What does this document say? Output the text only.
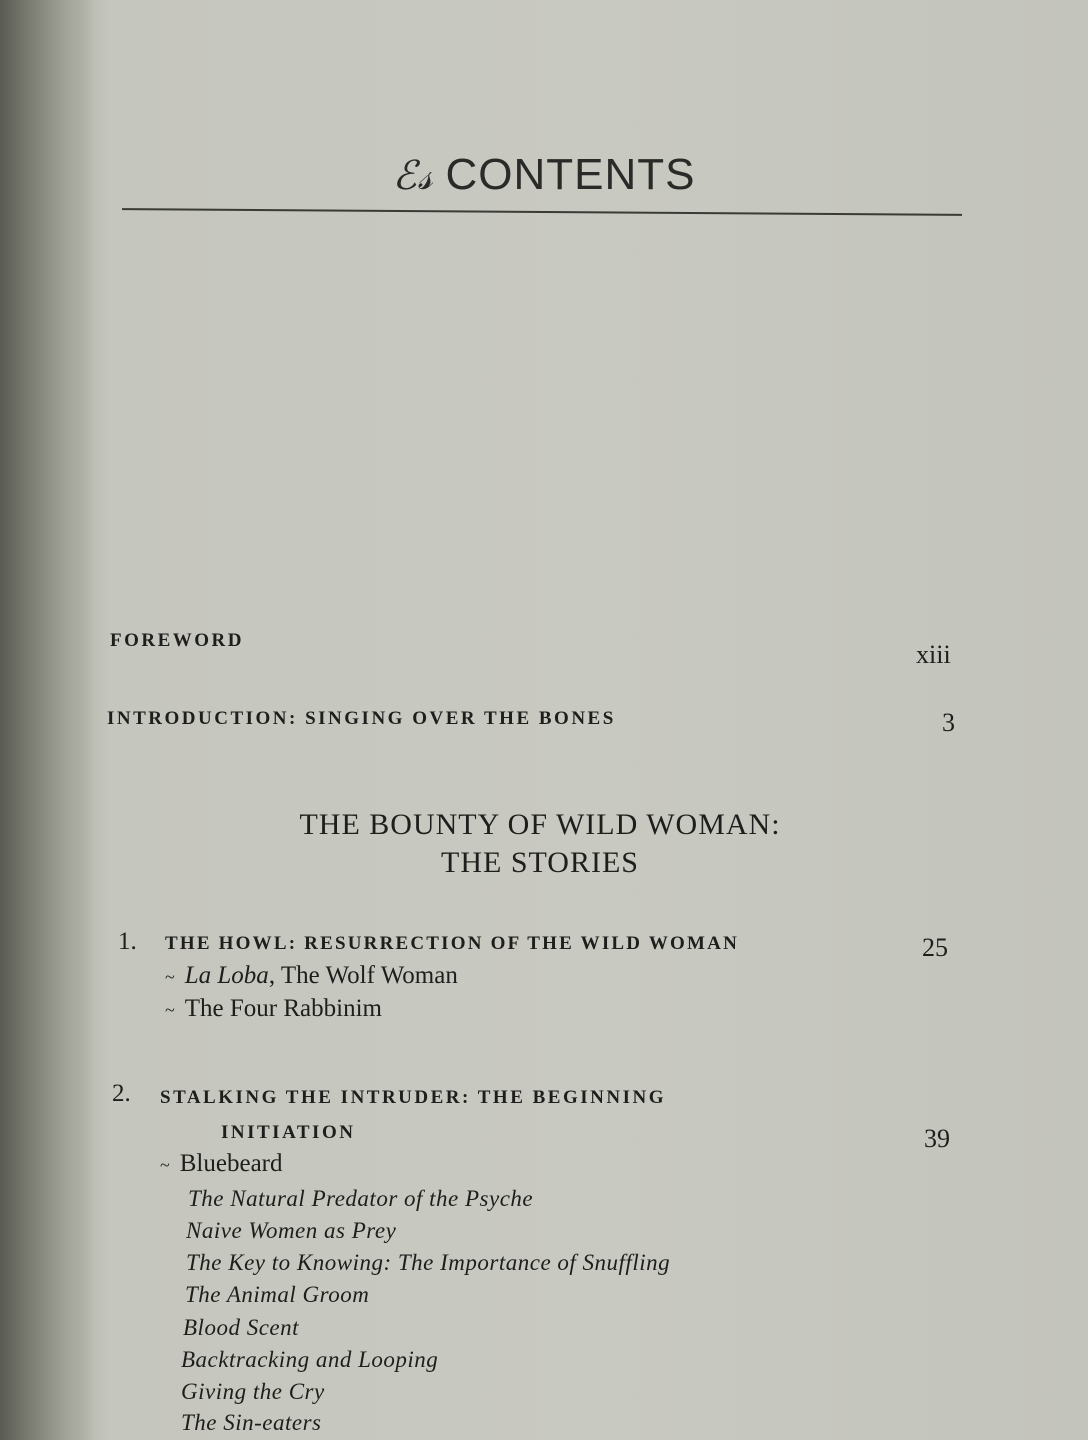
ℰ𝓈 CONTENTS
FOREWORD	xiii
INTRODUCTION: SINGING OVER THE BONES	3
THE BOUNTY OF WILD WOMAN:
THE STORIES
1. THE HOWL: RESURRECTION OF THE WILD WOMAN	25
~ La Loba, The Wolf Woman
~ The Four Rabbinim
2. STALKING THE INTRUDER: THE BEGINNING
INITIATION	39
~ Bluebeard
The Natural Predator of the Psyche
Naive Women as Prey
The Key to Knowing: The Importance of Snuffling
The Animal Groom
Blood Scent
Backtracking and Looping
Giving the Cry
The Sin-eaters
